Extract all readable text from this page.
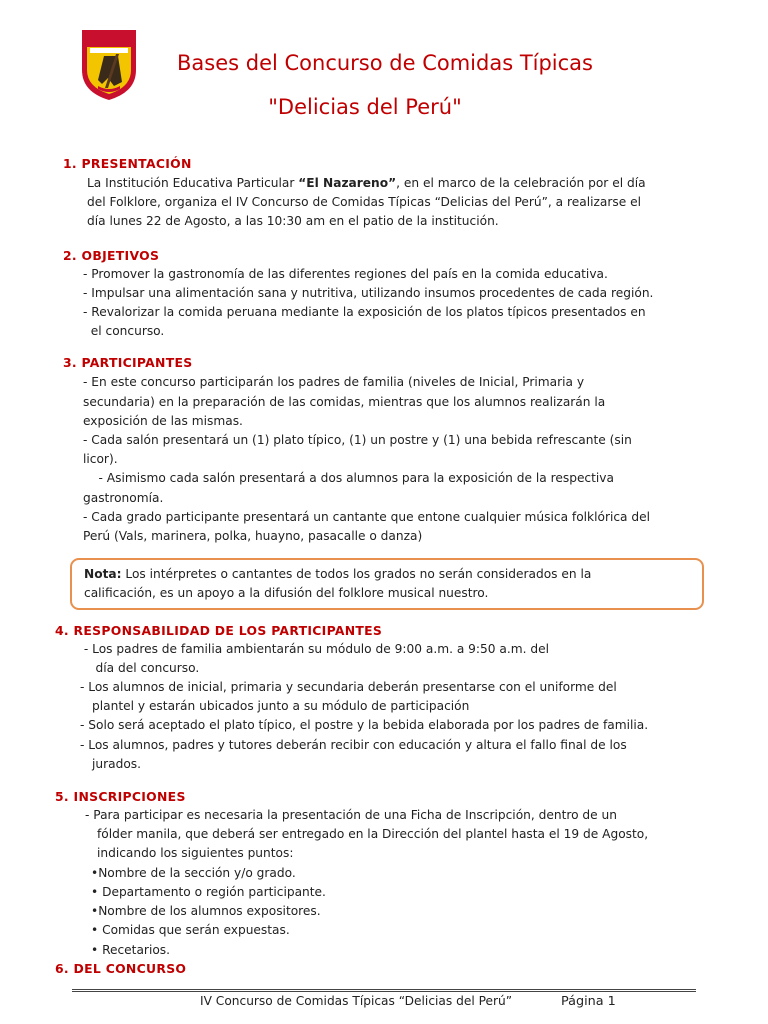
Bases del Concurso de Comidas Típicas
"Delicias del Perú"
1. PRESENTACIÓN
La Institución Educativa Particular “El Nazareno”, en el marco de la celebración por el día
del Folklore, organiza el IV Concurso de Comidas Típicas “Delicias del Perú”, a realizarse el
día lunes 22 de Agosto, a las 10:30 am en el patio de la institución.
2. OBJETIVOS
- Promover la gastronomía de las diferentes regiones del país en la comida educativa.
- Impulsar una alimentación sana y nutritiva, utilizando insumos procedentes de cada región.
- Revalorizar la comida peruana mediante la exposición de los platos típicos presentados en
el concurso.
3. PARTICIPANTES
- En este concurso participarán los padres de familia (niveles de Inicial, Primaria y
secundaria) en la preparación de las comidas, mientras que los alumnos realizarán la
exposición de las mismas.
- Cada salón presentará un (1) plato típico, (1) un postre y (1) una bebida refrescante (sin
licor).
- Asimismo cada salón presentará a dos alumnos para la exposición de la respectiva
gastronomía.
- Cada grado participante presentará un cantante que entone cualquier música folklórica del
Perú (Vals, marinera, polka, huayno, pasacalle o danza)
Nota: Los intérpretes o cantantes de todos los grados no serán considerados en la
calificación, es un apoyo a la difusión del folklore musical nuestro.
4. RESPONSABILIDAD DE LOS PARTICIPANTES
- Los padres de familia ambientarán su módulo de 9:00 a.m. a 9:50 a.m. del
día del concurso.
- Los alumnos de inicial, primaria y secundaria deberán presentarse con el uniforme del
plantel y estarán ubicados junto a su módulo de participación
- Solo será aceptado el plato típico, el postre y la bebida elaborada por los padres de familia.
- Los alumnos, padres y tutores deberán recibir con educación y altura el fallo final de los
jurados.
5. INSCRIPCIONES
- Para participar es necesaria la presentación de una Ficha de Inscripción, dentro de un
fólder manila, que deberá ser entregado en la Dirección del plantel hasta el 19 de Agosto,
indicando los siguientes puntos:
•Nombre de la sección y/o grado.
• Departamento o región participante.
•Nombre de los alumnos expositores.
• Comidas que serán expuestas.
• Recetarios.
6. DEL CONCURSO
IV Concurso de Comidas Típicas “Delicias del Perú”	Página 1
